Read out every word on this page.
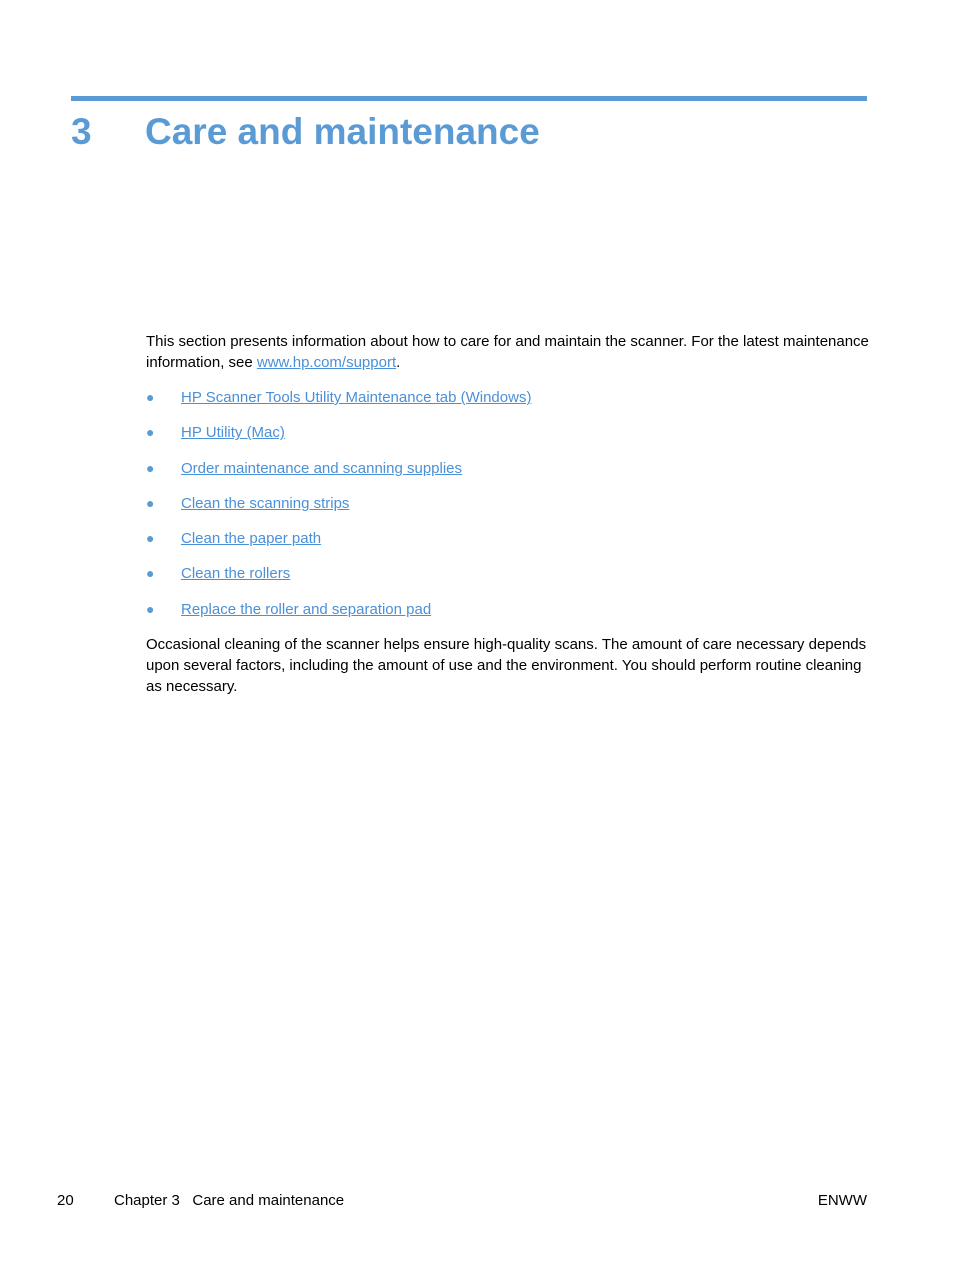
3 Care and maintenance

This section presents information about how to care for and maintain the scanner. For the latest maintenance information, see www.hp.com/support.

● HP Scanner Tools Utility Maintenance tab (Windows)
● HP Utility (Mac)
● Order maintenance and scanning supplies
● Clean the scanning strips
● Clean the paper path
● Clean the rollers
● Replace the roller and separation pad

Occasional cleaning of the scanner helps ensure high-quality scans. The amount of care necessary depends upon several factors, including the amount of use and the environment. You should perform routine cleaning as necessary.

20	Chapter 3   Care and maintenance	ENWW
